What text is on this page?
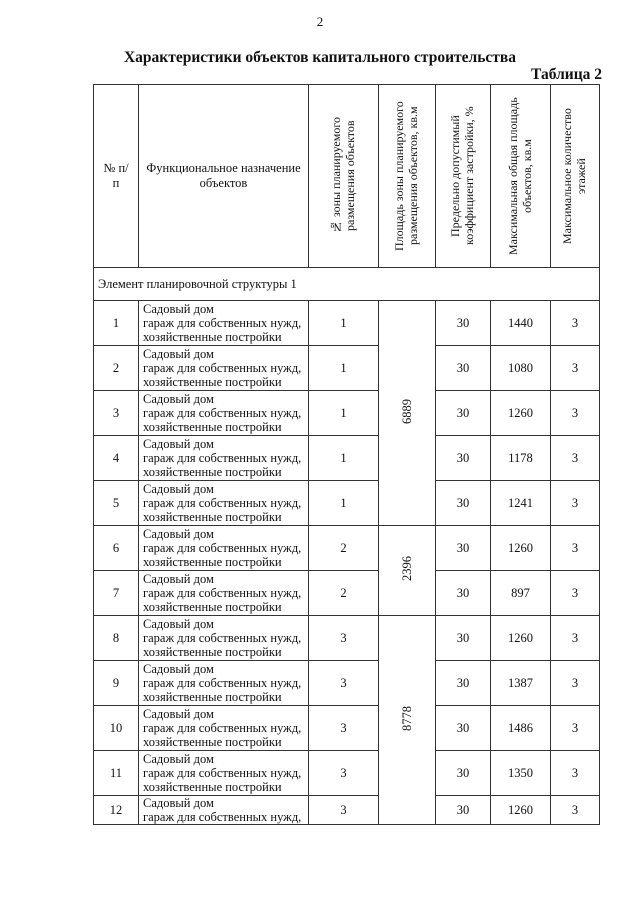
2
Характеристики объектов капитального строительства
Таблица 2
№ п/п	Функциональное назначение объектов	№ зоны планируемого размещения объектов	Площадь зоны планируемого размещения объектов, кв.м	Предельно допустимый коэффициент застройки, %	Максимальная общая площадь объектов, кв.м	Максимальное количество этажей

Элемент планировочной структуры 1						
1	Садовый дом
гараж для собственных нужд,
хозяйственные постройки	1	6889	30	1440	3
2	Садовый дом
гараж для собственных нужд,
хозяйственные постройки	1		30	1080	3
3	Садовый дом
гараж для собственных нужд,
хозяйственные постройки	1		30	1260	3
4	Садовый дом
гараж для собственных нужд,
хозяйственные постройки	1		30	1178	3
5	Садовый дом
гараж для собственных нужд,
хозяйственные постройки	1		30	1241	3
6	Садовый дом
гараж для собственных нужд,
хозяйственные постройки	2	2396	30	1260	3
7	Садовый дом
гараж для собственных нужд,
хозяйственные постройки	2		30	897	3
8	Садовый дом
гараж для собственных нужд,
хозяйственные постройки	3	8778	30	1260	3
9	Садовый дом
гараж для собственных нужд,
хозяйственные постройки	3		30	1387	3
10	Садовый дом
гараж для собственных нужд,
хозяйственные постройки	3		30	1486	3
11	Садовый дом
гараж для собственных нужд,
хозяйственные постройки	3		30	1350	3
12	Садовый дом
гараж для собственных нужд,	3		30	1260	3
